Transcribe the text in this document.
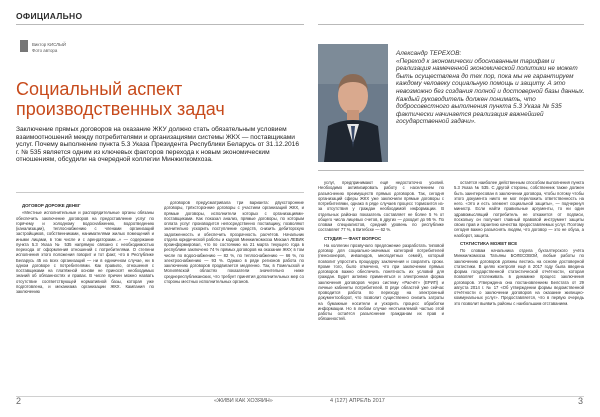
ОФИЦИАЛЬНО
Виктор КИСЛЫЙ
Фото автора
Социальный аспект
производственных задач
Заключение прямых договоров на оказание ЖКУ должно стать обязательным условием взаимоотношений между потребителями и организациями системы ЖКХ — поставщиками услуг. Почему выполнение пункта 5.3 Указа Президента Республики Беларусь от 31.12.2016 г. № 535 является одним из ключевых факторов перехода к новым экономическим отношениям, обсудили на очередной коллегии Минжилкомхоза.

ДОГОВОР ДОРОЖЕ ДЕНЕГ

«Местные исполнительные и распорядительные органы обязаны обеспечить заключение договоров на предоставление услуг по горячему и холодному водоснабжению, водоотведению (канализации), теплоснабжению с членами организаций застройщиков, собственниками, нанимателями жилых помещений и иными лицами, в том числе и с арендаторами...» — содержание пункта 5.3 Указа № 535 напрямую связано с необходимостью перехода от оформления отношений с потребителями. О степени исполнения этого положения говорит и тот факт, что в Республике Беларусь 45 из всех организаций — ни в единичном случае, ни в одном договоре с потребителями. Как правило, отношения с поставщиками на платёжной основе не приносят необходимых знаний об обязанностях и правах. В числе причин можно назвать отсутствие соответствующей нормативной базы, которая уже подготовлена, и механизма организации ЖКХ. Кампания по заключению

договоров предусматривала три варианта: двухсторонние договоры, трёхсторонние договоры с участием организаций ЖКХ, и прямые договоры, исполнители которых с организациями-поставщиками. Как показал анализ, прямые договоры, по которым оплата услуг производится непосредственно поставщику, позволяют значительно ускорить поступление средств, снизить дебиторскую задолженность и обеспечить прозрачность расчётов. Начальник отдела юридической работы и кадров Минжилкомхоза Михаил ЛЕВИК проинформировал, что по состоянию на 21 марта текущего года в республике заключено 74 % прямых договоров на оказание ЖКУ, в том числе по водоснабжению — 82 %, по теплоснабжению — 66 %, по электроснабжению — 93 %. Однако в ряде регионов работа по заключению договоров продвигается медленно. Так, в Гомельской и Могилёвской областях показатели значительно ниже среднереспубликанских, что требует принятия дополнительных мер со стороны местных исполнительных органов.

Александр ТЕРЕХОВ:
«Переход к экономически обоснованным тарифам и реализация намеченной экономической политики не может быть осуществлена до тех пор, пока мы не гарантируем каждому человеку социальную помощь и защиту. А это невозможно без создания полной и достоверной базы данных. Каждый руководитель должен понимать, что добросовестного выполнения пункта 5.3 Указа № 535 фактически начинается реализация важнейшей государственной задачи».

услуг, предпринимают ещё недостаточно усилий. Необходимо активизировать работу с населением по разъяснению преимуществ прямых договоров. Так, сегодня организаций сферы ЖКХ уже заключили прямые договоры с потребителями, однако в ряде случаев процесс тормозится из-за отсутствия у граждан необходимой информации. В отдельных районах показатель составляет не более 5 % от общего числа лицевых счетов, в других — доходит до 95 %. По словам специалистов, средний уровень по республике составляет 77 %, в Витебске — 62 %.

СТУДИЯ — ФАКТ ВОПРОС

На коллегии прозвучало предложение разработать типовой договор для социально-значимых категорий потребителей (пенсионеров, инвалидов, многодетных семей), который позволит упростить процедуру заключения и сократить сроки. Кроме того, было отмечено, что при заключении прямых договоров важно обеспечить понятность их условий для граждан. Будет активно применяться и электронная форма заключения договоров через систему «Расчёт» (ЕРИП) и личные кабинеты потребителей. В ряде областей уже сейчас проводится работа по переходу на электронный документооборот, что позволит существенно снизить затраты на бумажные носители и ускорить процесс обработки информации. Но в любом случае неотъемлемой частью этой работы остаётся разъяснение гражданам их прав и обязанностей.

остаётся наиболее действенным способом выполнения пункта 5.3 Указа № 535. С другой стороны, собственник также должен быть заинтересован в заключении договора, чтобы потому чтобы этого документа никто не мог переложить ответственность на него. «Это и есть элемент социальной защиты», — подчеркнул министр. Если найти правильные аргументы, то ни один здравомыслящий потребитель не откажется от подписи, поскольку он получает главный правовой инструмент защиты своих прав и гарантию качества предоставляемых услуг. Поэтому сегодня важно разъяснять людям, что договор — это не обуза, а наоборот, защита.

СТАТИСТИКА МОЖЕТ ВСЕ

По словам начальника отдела бухгалтерского учёта Минжилкомхоза Татьяны БОЛЕСОВОЙ, любые работы по заключению договоров должны вестись на основе достоверной статистики. В целях контроля ещё в 2017 году была введена форма государственной статистической отчётности, которая позволяет отслеживать в динамике процесс заключения договоров. Утверждена она постановлением Белстата от 29 августа 2014 г. № 17 «Об утверждении формы ведомственной отчётности о заключении договоров на оказание жилищно-коммунальных услуг». Предоставляется, что в первую очередь это позволит выявить районы с наибольшим отставанием.

2	«ЖИВИ КАК ХОЗЯИН»	4 (127) АПРЕЛЬ 2017	3
